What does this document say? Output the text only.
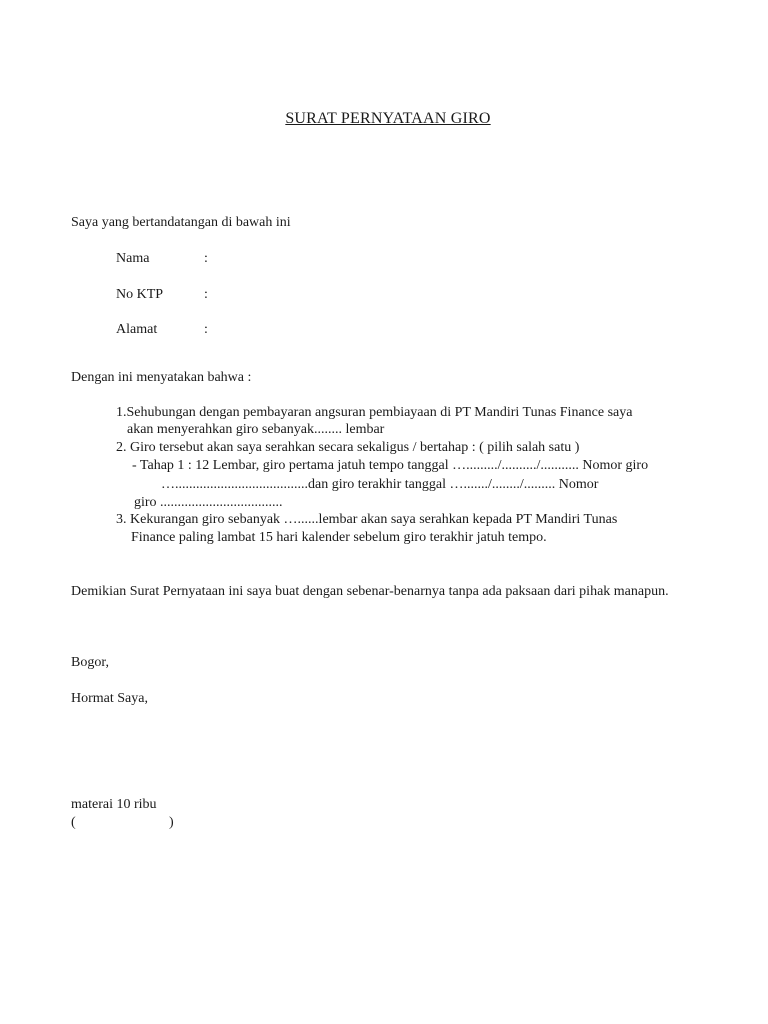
SURAT PERNYATAAN GIRO
Saya yang bertandatangan di bawah ini
Nama	:
No KTP	:
Alamat	:
Dengan ini menyatakan bahwa :
1.Sehubungan dengan pembayaran angsuran pembiayaan di PT Mandiri Tunas Finance saya
akan menyerahkan giro sebanyak........ lembar
2. Giro tersebut akan saya serahkan secara sekaligus / bertahap : ( pilih salah satu )
- Tahap 1 : 12 Lembar, giro pertama jatuh tempo tanggal …........./........../........... Nomor giro
…......................................dan giro terakhir tanggal …......./......../......... Nomor
giro ...................................
3. Kekurangan giro sebanyak …......lembar akan saya serahkan kepada PT Mandiri Tunas
Finance paling lambat 15 hari kalender sebelum giro terakhir jatuh tempo.
Demikian Surat Pernyataan ini saya buat dengan sebenar-benarnya tanpa ada paksaan dari pihak manapun.
Bogor,
Hormat Saya,
materai 10 ribu
(	)
